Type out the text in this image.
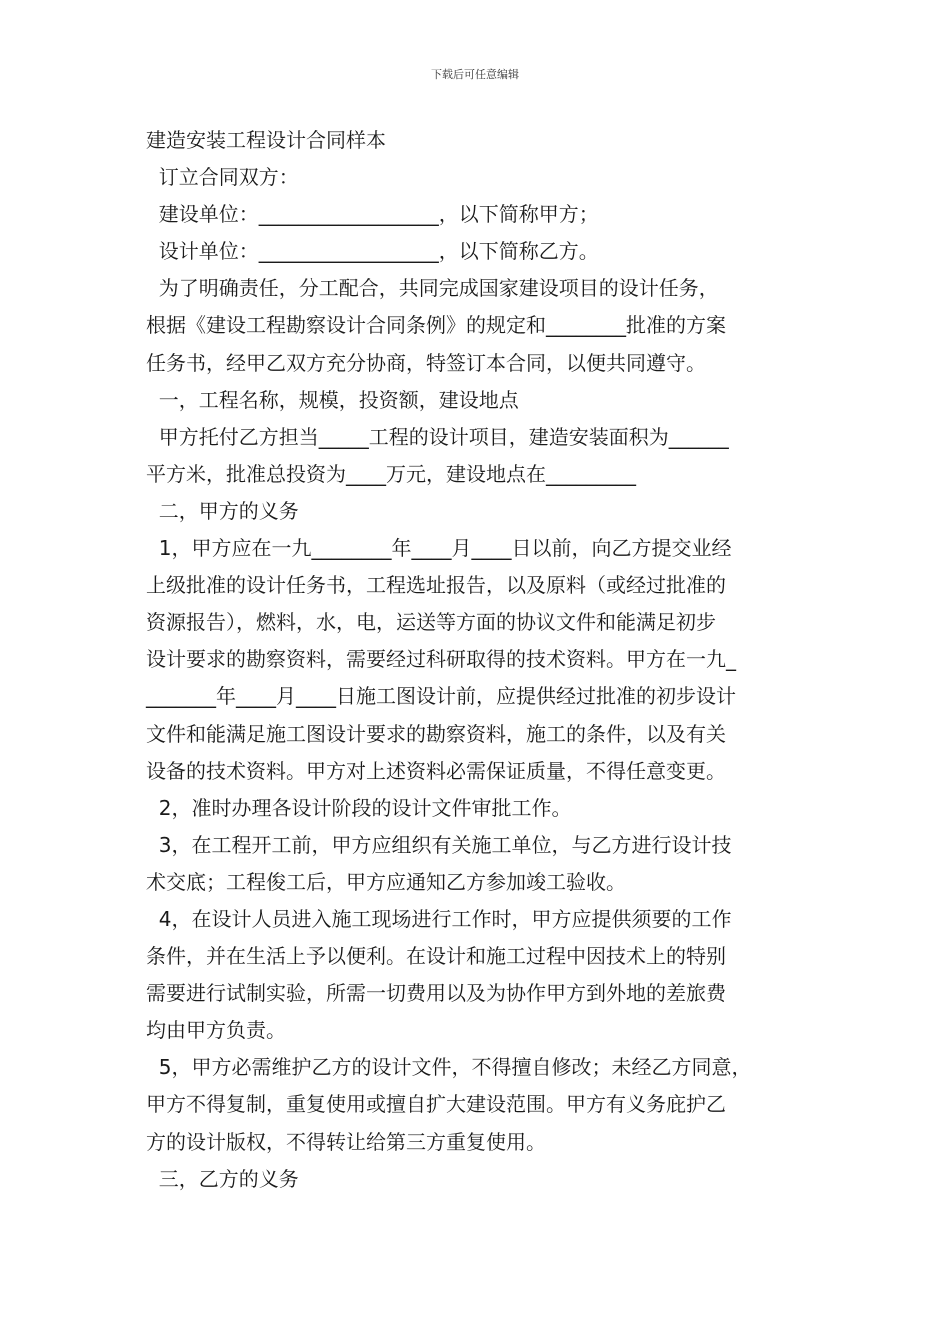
下载后可任意编辑
建造安装工程设计合同样本
订立合同双方：
建设单位：__________________，以下简称甲方；
设计单位：__________________，以下简称乙方。
为了明确责任，分工配合，共同完成国家建设项目的设计任务，
根据《建设工程勘察设计合同条例》的规定和________批准的方案
任务书，经甲乙双方充分协商，特签订本合同，以便共同遵守。
一，工程名称，规模，投资额，建设地点
甲方托付乙方担当_____工程的设计项目，建造安装面积为______
平方米，批准总投资为____万元，建设地点在_________
二，甲方的义务
1，甲方应在一九________年____月____日以前，向乙方提交业经
上级批准的设计任务书，工程选址报告，以及原料（或经过批准的
资源报告），燃料，水，电，运送等方面的协议文件和能满足初步
设计要求的勘察资料，需要经过科研取得的技术资料。甲方在一九_
_______年____月____日施工图设计前，应提供经过批准的初步设计
文件和能满足施工图设计要求的勘察资料，施工的条件，以及有关
设备的技术资料。甲方对上述资料必需保证质量，不得任意变更。
2，准时办理各设计阶段的设计文件审批工作。
3，在工程开工前，甲方应组织有关施工单位，与乙方进行设计技
术交底；工程俊工后，甲方应通知乙方参加竣工验收。
4，在设计人员进入施工现场进行工作时，甲方应提供须要的工作
条件，并在生活上予以便利。在设计和施工过程中因技术上的特别
需要进行试制实验，所需一切费用以及为协作甲方到外地的差旅费
均由甲方负责。
5，甲方必需维护乙方的设计文件，不得擅自修改；未经乙方同意，
甲方不得复制，重复使用或擅自扩大建设范围。甲方有义务庇护乙
方的设计版权，不得转让给第三方重复使用。
三，乙方的义务
